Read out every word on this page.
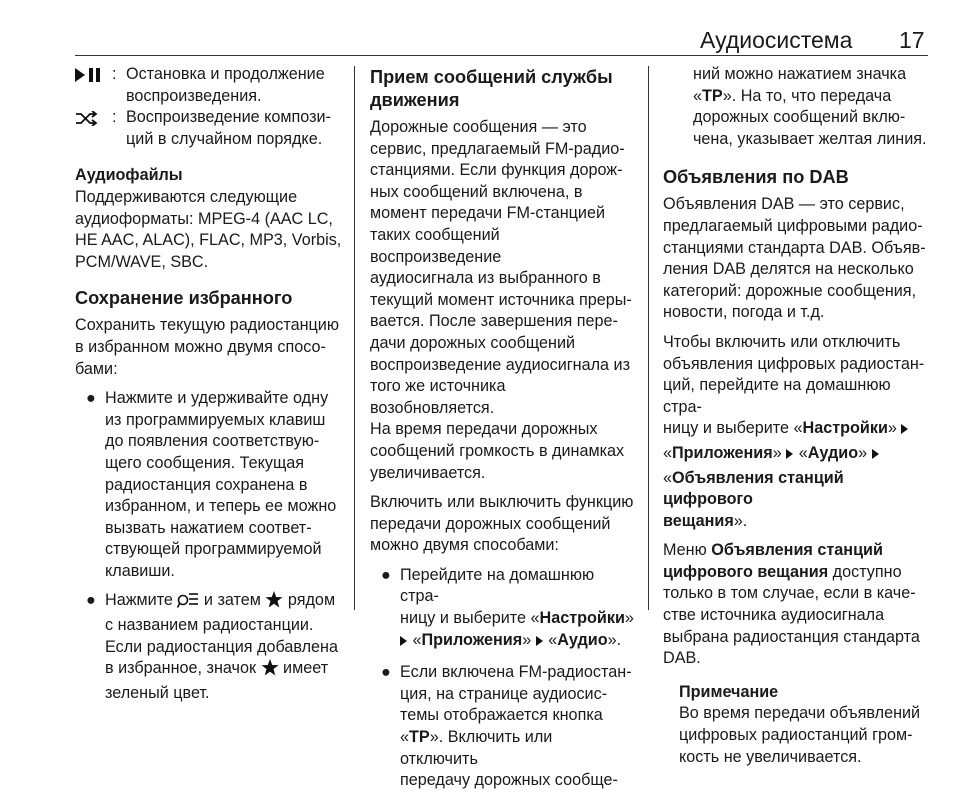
Аудиосистема 17
: Остановка и продолжение
воспроизведения.
: Воспроизведение компози‐
ций в случайном порядке.
Аудиофайлы

Поддерживаются следующие
аудиоформаты: MPEG-4 (AAC LC,
HE AAC, ALAC), FLAC, MP3, Vorbis,
PCM/WAVE, SBC.

Сохранение избранного

Сохранить текущую радиостанцию
в избранном можно двумя спосо‐
бами:

● Нажмите и удерживайте одну
из программируемых клавиш
до появления соответствую‐
щего сообщения. Текущая
радиостанция сохранена в
избранном, и теперь ее можно
вызвать нажатием соответ‐
ствующей программируемой
клавиши.
● Нажмите  и затем  рядом
с названием радиостанции.
Если радиостанция добавлена
в избранное, значок  имеет
зеленый цвет.
Прием сообщений службы
движения

Дорожные сообщения — это
сервис, предлагаемый FM-радио‐
станциями. Если функция дорож‐
ных сообщений включена, в
момент передачи FM-станцией
таких сообщений воспроизведение
аудиосигнала из выбранного в
текущий момент источника преры‐
вается. После завершения пере‐
дачи дорожных сообщений
воспроизведение аудиосигнала из
того же источника возобновляется.
На время передачи дорожных
сообщений громкость в динамках
увеличивается.

Включить или выключить функцию
передачи дорожных сообщений
можно двумя способами:

● Перейдите на домашнюю стра‐
ницу и выберите «Настройки»
«Приложения»  «Аудио».
● Если включена FM-радиостан‐
ция, на странице аудиосис‐
темы отображается кнопка
«TP». Включить или отключить
передачу дорожных сообще‐

ний можно нажатием значка
«TP». На то, что передача
дорожных сообщений вклю‐
чена, указывает желтая линия.

Объявления по DAB

Объявления DAB — это сервис,
предлагаемый цифровыми радио‐
станциями стандарта DAB. Объяв‐
ления DAB делятся на несколько
категорий: дорожные сообщения,
новости, погода и т.д.

Чтобы включить или отключить
объявления цифровых радиостан‐
ций, перейдите на домашнюю стра‐
ницу и выберите «Настройки»
«Приложения»  «Аудио»
«Объявления станций цифрового
вещания».

Меню Объявления станций
цифрового вещания доступно
только в том случае, если в каче‐
стве источника аудиосигнала
выбрана радиостанция стандарта
DAB.

Примечание
Во время передачи объявлений
цифровых радиостанций гром‐
кость не увеличивается.
